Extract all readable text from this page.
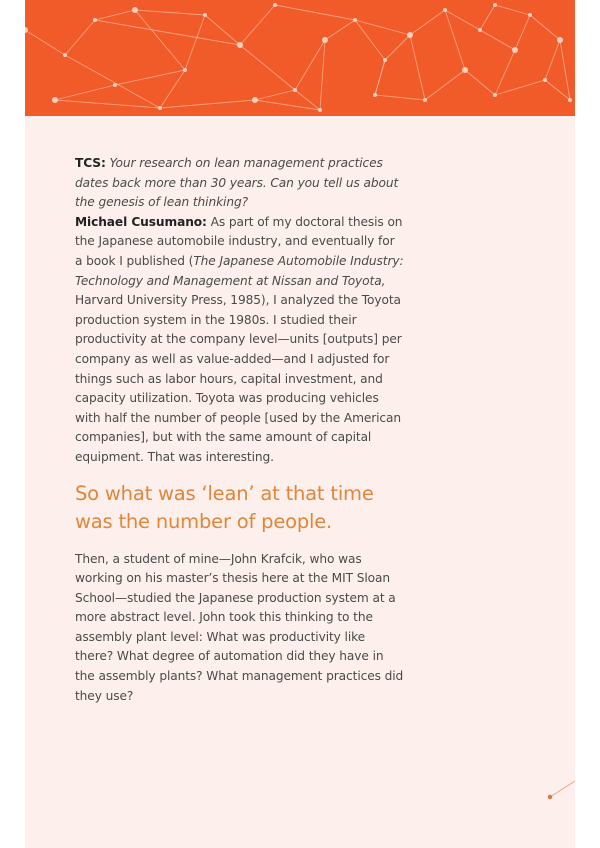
TCS: Your research on lean management practices dates back more than 30 years. Can you tell us about the genesis of lean thinking?

Michael Cusumano: As part of my doctoral thesis on the Japanese automobile industry, and eventually for a book I published (The Japanese Automobile Industry: Technology and Management at Nissan and Toyota, Harvard University Press, 1985), I analyzed the Toyota production system in the 1980s. I studied their productivity at the company level—units [outputs] per company as well as value-added—and I adjusted for things such as labor hours, capital investment, and capacity utilization. Toyota was producing vehicles with half the number of people [used by the American companies], but with the same amount of capital equipment. That was interesting.

So what was ‘lean’ at that time was the number of people.

Then, a student of mine—John Krafcik, who was working on his master’s thesis here at the MIT Sloan School—studied the Japanese production system at a more abstract level. John took this thinking to the assembly plant level: What was productivity like there? What degree of automation did they have in the assembly plants? What management practices did they use?
